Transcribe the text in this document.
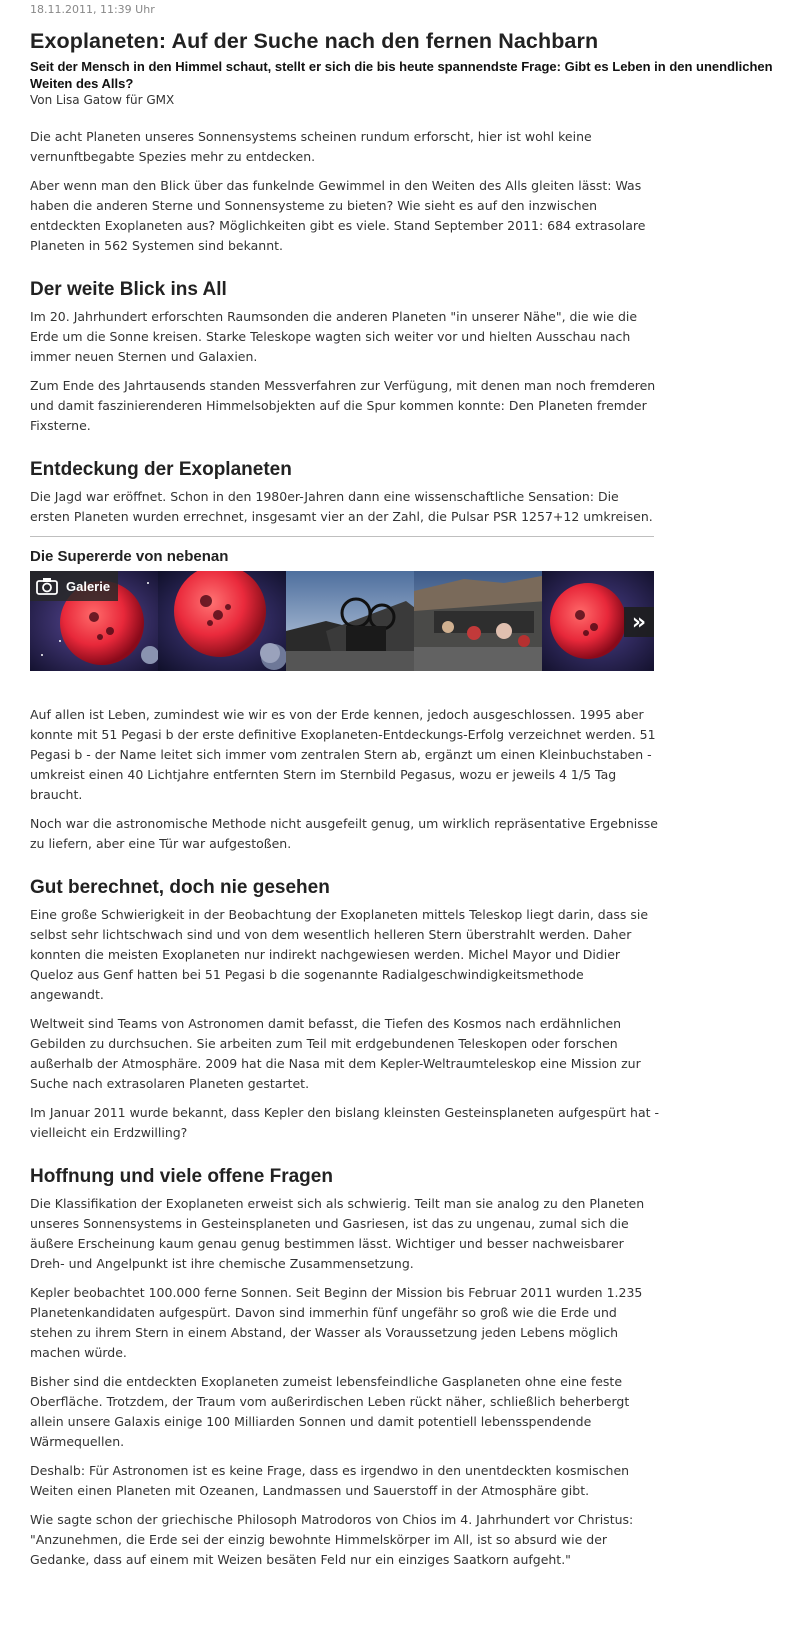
18.11.2011, 11:39 Uhr
Exoplaneten: Auf der Suche nach den fernen Nachbarn
Seit der Mensch in den Himmel schaut, stellt er sich die bis heute spannendste Frage: Gibt es Leben in den unendlichen Weiten des Alls?
Von Lisa Gatow für GMX

Die acht Planeten unseres Sonnensystems scheinen rundum erforscht, hier ist wohl keine vernunftbegabte Spezies mehr zu entdecken.

Aber wenn man den Blick über das funkelnde Gewimmel in den Weiten des Alls gleiten lässt: Was haben die anderen Sterne und Sonnensysteme zu bieten? Wie sieht es auf den inzwischen entdeckten Exoplaneten aus? Möglichkeiten gibt es viele. Stand September 2011: 684 extrasolare Planeten in 562 Systemen sind bekannt.

Der weite Blick ins All

Im 20. Jahrhundert erforschten Raumsonden die anderen Planeten "in unserer Nähe", die wie die Erde um die Sonne kreisen. Starke Teleskope wagten sich weiter vor und hielten Ausschau nach immer neuen Sternen und Galaxien.

Zum Ende des Jahrtausends standen Messverfahren zur Verfügung, mit denen man noch fremderen und damit faszinierenderen Himmelsobjekten auf die Spur kommen konnte: Den Planeten fremder Fixsterne.

Entdeckung der Exoplaneten

Die Jagd war eröffnet. Schon in den 1980er-Jahren dann eine wissenschaftliche Sensation: Die ersten Planeten wurden errechnet, insgesamt vier an der Zahl, die Pulsar PSR 1257+12 umkreisen.

Die Supererde von nebenan
Galerie
»

Auf allen ist Leben, zumindest wie wir es von der Erde kennen, jedoch ausgeschlossen. 1995 aber konnte mit 51 Pegasi b der erste definitive Exoplaneten-Entdeckungs-Erfolg verzeichnet werden. 51 Pegasi b - der Name leitet sich immer vom zentralen Stern ab, ergänzt um einen Kleinbuchstaben - umkreist einen 40 Lichtjahre entfernten Stern im Sternbild Pegasus, wozu er jeweils 4 1/5 Tag braucht.

Noch war die astronomische Methode nicht ausgefeilt genug, um wirklich repräsentative Ergebnisse zu liefern, aber eine Tür war aufgestoßen.

Gut berechnet, doch nie gesehen

Eine große Schwierigkeit in der Beobachtung der Exoplaneten mittels Teleskop liegt darin, dass sie selbst sehr lichtschwach sind und von dem wesentlich helleren Stern überstrahlt werden. Daher konnten die meisten Exoplaneten nur indirekt nachgewiesen werden. Michel Mayor und Didier Queloz aus Genf hatten bei 51 Pegasi b die sogenannte Radialgeschwindigkeitsmethode angewandt.

Weltweit sind Teams von Astronomen damit befasst, die Tiefen des Kosmos nach erdähnlichen Gebilden zu durchsuchen. Sie arbeiten zum Teil mit erdgebundenen Teleskopen oder forschen außerhalb der Atmosphäre. 2009 hat die Nasa mit dem Kepler-Weltraumteleskop eine Mission zur Suche nach extrasolaren Planeten gestartet.

Im Januar 2011 wurde bekannt, dass Kepler den bislang kleinsten Gesteinsplaneten aufgespürt hat - vielleicht ein Erdzwilling?

Hoffnung und viele offene Fragen

Die Klassifikation der Exoplaneten erweist sich als schwierig. Teilt man sie analog zu den Planeten unseres Sonnensystems in Gesteinsplaneten und Gasriesen, ist das zu ungenau, zumal sich die äußere Erscheinung kaum genau genug bestimmen lässt. Wichtiger und besser nachweisbarer Dreh- und Angelpunkt ist ihre chemische Zusammensetzung.

Kepler beobachtet 100.000 ferne Sonnen. Seit Beginn der Mission bis Februar 2011 wurden 1.235 Planetenkandidaten aufgespürt. Davon sind immerhin fünf ungefähr so groß wie die Erde und stehen zu ihrem Stern in einem Abstand, der Wasser als Voraussetzung jeden Lebens möglich machen würde.

Bisher sind die entdeckten Exoplaneten zumeist lebensfeindliche Gasplaneten ohne eine feste Oberfläche. Trotzdem, der Traum vom außerirdischen Leben rückt näher, schließlich beherbergt allein unsere Galaxis einige 100 Milliarden Sonnen und damit potentiell lebensspendende Wärmequellen.

Deshalb: Für Astronomen ist es keine Frage, dass es irgendwo in den unentdeckten kosmischen Weiten einen Planeten mit Ozeanen, Landmassen und Sauerstoff in der Atmosphäre gibt.

Wie sagte schon der griechische Philosoph Matrodoros von Chios im 4. Jahrhundert vor Christus: "Anzunehmen, die Erde sei der einzig bewohnte Himmelskörper im All, ist so absurd wie der Gedanke, dass auf einem mit Weizen besäten Feld nur ein einziges Saatkorn aufgeht."
